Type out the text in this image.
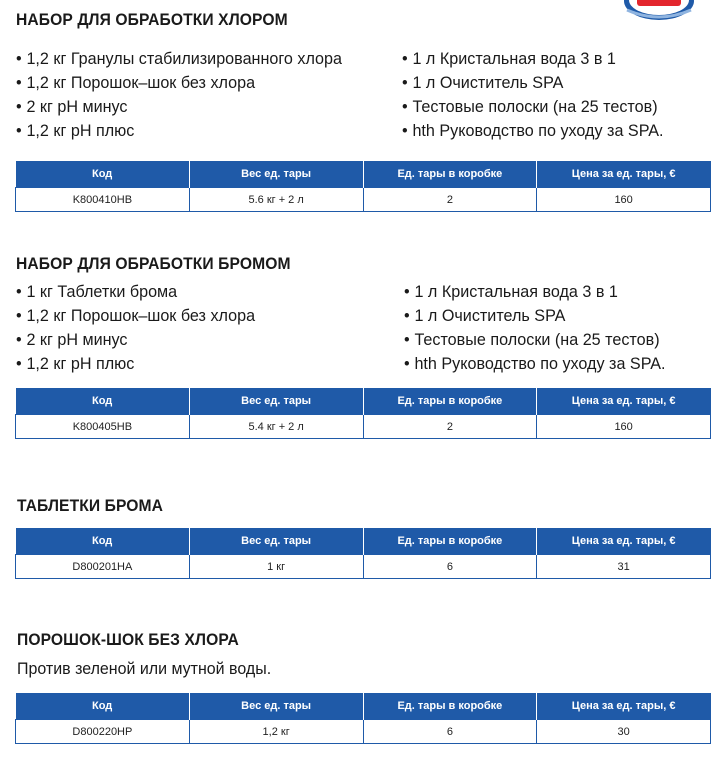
НАБОР ДЛЯ ОБРАБОТКИ ХЛОРОМ
• 1,2 кг Гранулы стабилизированного хлора
• 1,2 кг Порошок–шок без хлора
• 2 кг pH минус
• 1,2 кг pH плюс
• 1 л Кристальная вода 3 в 1
• 1 л Очиститель SPA
• Тестовые полоски (на 25 тестов)
• hth Руководство по уходу за SPA.
Код	Вес ед. тары	Ед. тары в коробке	Цена за ед. тары, €
K800410HB	5.6 кг + 2 л	2	160
НАБОР ДЛЯ ОБРАБОТКИ БРОМОМ
• 1 кг Таблетки брома
• 1,2 кг Порошок–шок без хлора
• 2 кг pH минус
• 1,2 кг pH плюс
• 1 л Кристальная вода 3 в 1
• 1 л Очиститель SPA
• Тестовые полоски (на 25 тестов)
• hth Руководство по уходу за SPA.
Код	Вес ед. тары	Ед. тары в коробке	Цена за ед. тары, €
K800405HB	5.4 кг + 2 л	2	160
ТАБЛЕТКИ БРОМА
Код	Вес ед. тары	Ед. тары в коробке	Цена за ед. тары, €
D800201HA	1 кг	6	31
ПОРОШОК-ШОК БЕЗ ХЛОРА
Против зеленой или мутной воды.
Код	Вес ед. тары	Ед. тары в коробке	Цена за ед. тары, €
D800220HP	1,2 кг	6	30
